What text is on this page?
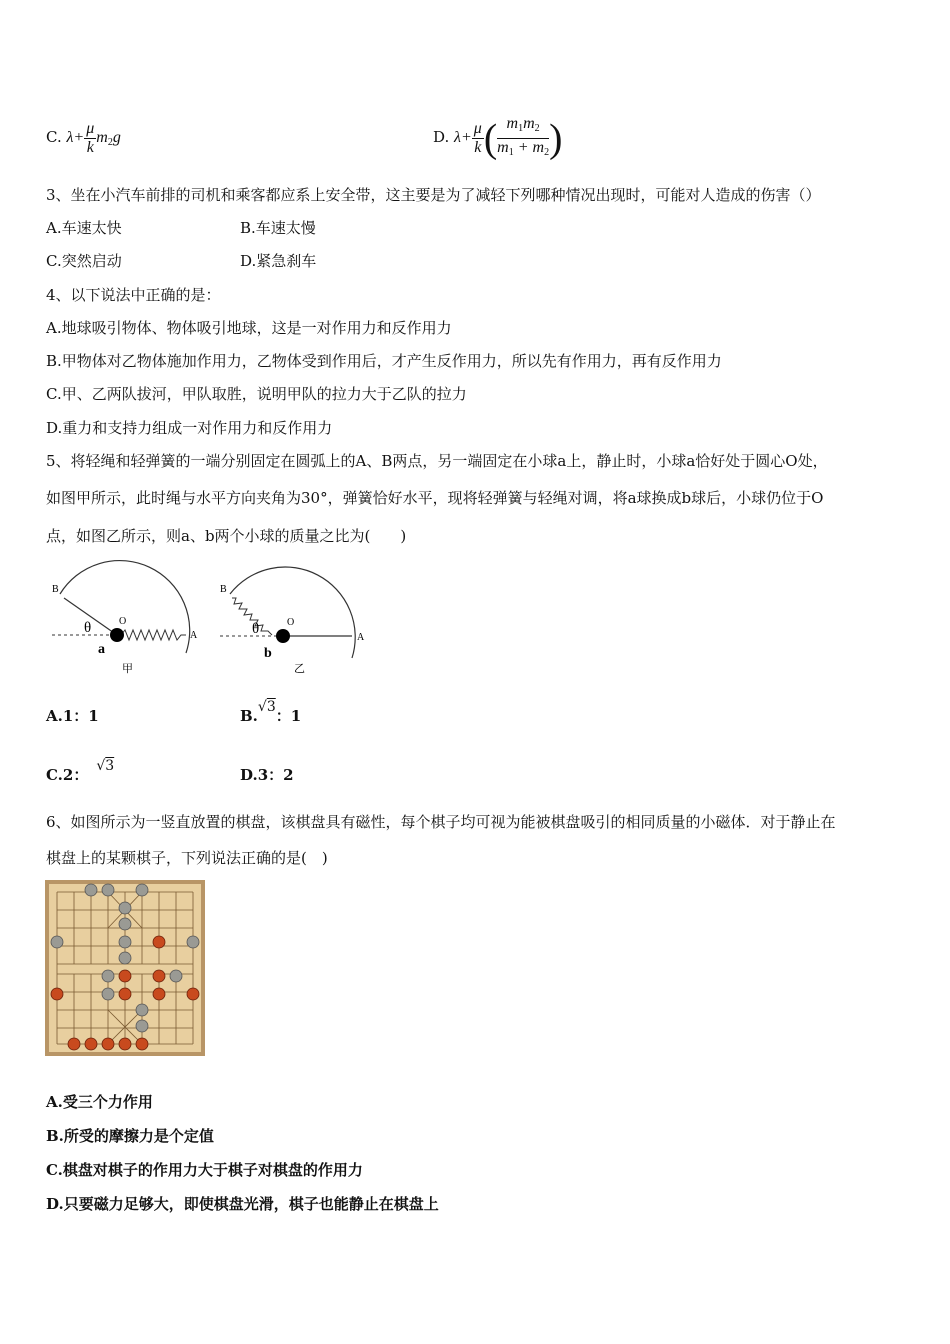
C. $\lambda+ \frac{\mu}{k} m_2g$	D. $\lambda+ \frac{\mu}{k}$ ( $\frac{m_1m_2}{m_1 + m_2}$ )
3、坐在小汽车前排的司机和乘客都应系上安全带，这主要是为了减轻下列哪种情况出现时，可能对人造成的伤害（）
A.车速太快	B.车速太慢
C.突然启动	D.紧急刹车
4、以下说法中正确的是：
A.地球吸引物体、物体吸引地球，这是一对作用力和反作用力
B.甲物体对乙物体施加作用力，乙物体受到作用后，才产生反作用力，所以先有作用力，再有反作用力
C.甲、乙两队拔河，甲队取胜，说明甲队的拉力大于乙队的拉力
D.重力和支持力组成一对作用力和反作用力
5、将轻绳和轻弹簧的一端分别固定在圆弧上的A、B两点，另一端固定在小球a上，静止时，小球a恰好处于圆心O处，
如图甲所示，此时绳与水平方向夹角为30°，弹簧恰好水平，现将轻弹簧与轻绳对调，将a球换成b球后，小球仍位于O
点，如图乙所示，则a、b两个小球的质量之比为(　　)
B
O
A
θ
a
甲
B
O
A
θ
b
乙
A.1：1	B.√3：1
C.2： √3	D.3：2
6、如图所示为一竖直放置的棋盘，该棋盘具有磁性，每个棋子均可视为能被棋盘吸引的相同质量的小磁体．对于静止在
棋盘上的某颗棋子，下列说法正确的是(　)
A.受三个力作用
B.所受的摩擦力是个定值
C.棋盘对棋子的作用力大于棋子对棋盘的作用力
D.只要磁力足够大，即使棋盘光滑，棋子也能静止在棋盘上
